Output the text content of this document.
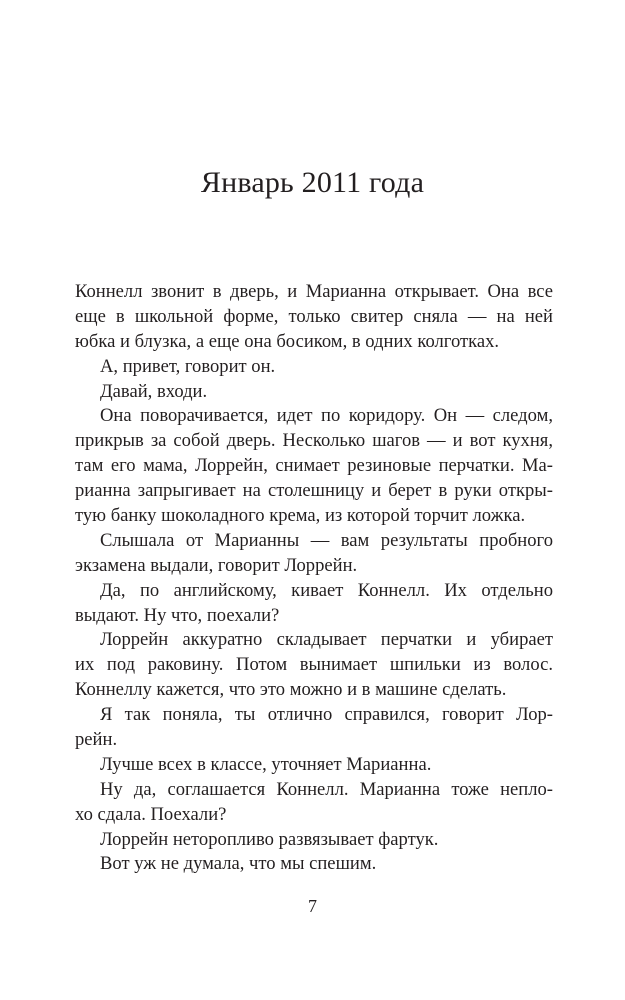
Январь 2011 года
Коннелл звонит в дверь, и Марианна открывает. Она все
еще в школьной форме, только свитер сняла — на ней
юбка и блузка, а еще она босиком, в одних колготках.
А, привет, говорит он.
Давай, входи.
Она поворачивается, идет по коридору. Он — следом,
прикрыв за собой дверь. Несколько шагов — и вот кухня,
там его мама, Лоррейн, снимает резиновые перчатки. Ма-
рианна запрыгивает на столешницу и берет в руки откры-
тую банку шоколадного крема, из которой торчит ложка.
Слышала от Марианны — вам результаты пробного
экзамена выдали, говорит Лоррейн.
Да, по английскому, кивает Коннелл. Их отдельно
выдают. Ну что, поехали?
Лоррейн аккуратно складывает перчатки и убирает
их под раковину. Потом вынимает шпильки из волос.
Коннеллу кажется, что это можно и в машине сделать.
Я так поняла, ты отлично справился, говорит Лор-
рейн.
Лучше всех в классе, уточняет Марианна.
Ну да, соглашается Коннелл. Марианна тоже непло-
хо сдала. Поехали?
Лоррейн неторопливо развязывает фартук.
Вот уж не думала, что мы спешим.
7
